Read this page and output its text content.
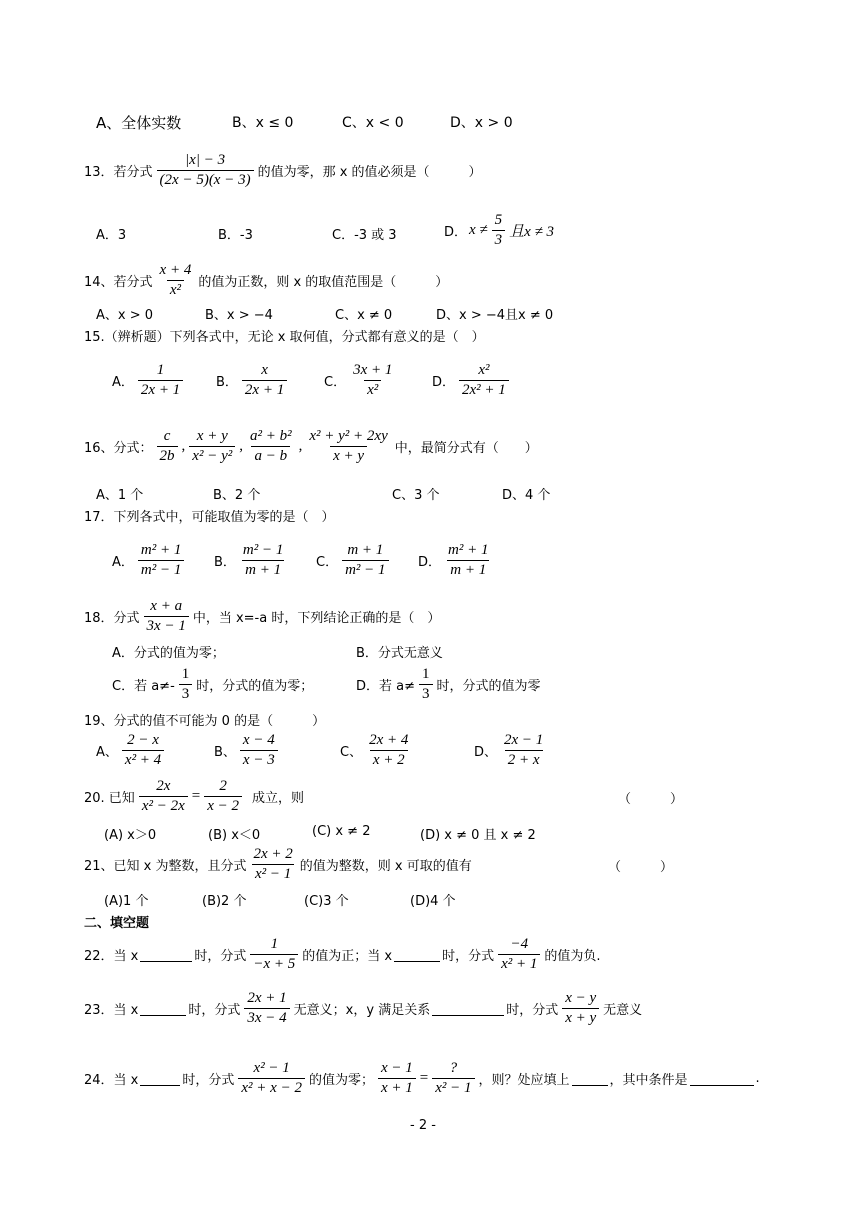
A、全体实数	B、x ≤ 0	C、x < 0	D、x > 0
13．若分式 $\frac{|x| - 3}{(2x - 5)(x - 3)}$ 的值为零，那 x 的值必须是（　　　）
A．3	B．-3	C．-3 或 3	D． $x \ne \frac{5}{3}$ 且x ≠ 3
14、若分式 $\frac{x + 4}{\text{x²}}$ 的值为正数，则 x 的取值范围是（　　　）
A、x > 0	B、x > −4	C、x ≠ 0	D、x > −4且x ≠ 0
15.（辨析题）下列各式中，无论 x 取何值，分式都有意义的是（　）
A． $\frac{1}{2x + 1}$	B． $\frac{x}{2x + 1}$	C． $\frac{3x + 1}{\text{x²}}$	D． $\frac{\text{x²}}{\text{2x² + 1}}$
16、分式： $\frac{c}{2b}$ , $\frac{x + y}{\text{x² − y²}}$ , $\frac{\text{a² + b²}}{a - b}$ , $\frac{\text{x² + y² + 2xy}}{x + y}$ 中，最简分式有（　　）
A、1 个	B、2 个	C、3 个	D、4 个
17．下列各式中，可能取值为零的是（　）
A． $\frac{\text{m² + 1}}{\text{m² − 1}}$ B． $\frac{\text{m² − 1}}{m + 1}$ C． $\frac{m + 1}{\text{m² − 1}}$ D． $\frac{\text{m² + 1}}{m + 1}$
18．分式 $\frac{x + a}{3x - 1}$ 中，当 x=-a 时，下列结论正确的是（　）
A．分式的值为零；	B．分式无意义
C．若 $a\ne- \frac{1}{3}$ 时，分式的值为零；	D．若 $a\ne \frac{1}{3}$ 时，分式的值为零
19、分式的值不可能为 0 的是（　　　）
A、 $\frac{2 - x}{\text{x² + 4}}$	B、 $\frac{x - 4}{x - 3}$	C、 $\frac{2x + 4}{x + 2}$	D、 $\frac{2x - 1}{2 + x}$
20. 已知 $\frac{2x}{\text{x² − 2x}} = \frac{2}{x - 2}$ 成立，则	（　　　）
(A) x＞0	(B) x＜0	(C) x ≠ 2	(D) x ≠ 0 且 x ≠ 2
21、已知 x 为整数，且分式 $\frac{2x + 2}{\text{x² − 1}}$ 的值为整数，则 x 可取的值有	（　　　）
(A)1 个	(B)2 个	(C)3 个	(D)4 个
二、填空题
22．当 x	时，分式 $\frac{1}{-x + 5}$ 的值为正；当 x	时，分式 $\frac{-4}{\text{x² + 1}}$ 的值为负.
23．当 x	时，分式 $\frac{2x + 1}{3x - 4}$ 无意义；x，y 满足关系	时，分式 $\frac{x - y}{x + y}$ 无意义
24．当 x	时，分式 $\frac{\text{x² − 1}}{\text{x² + x − 2}}$ 的值为零； $\frac{x - 1}{x + 1} = \frac{?}{\text{x² − 1}}$ ，则？处应填上	，其中条件是	.
- 2 -
